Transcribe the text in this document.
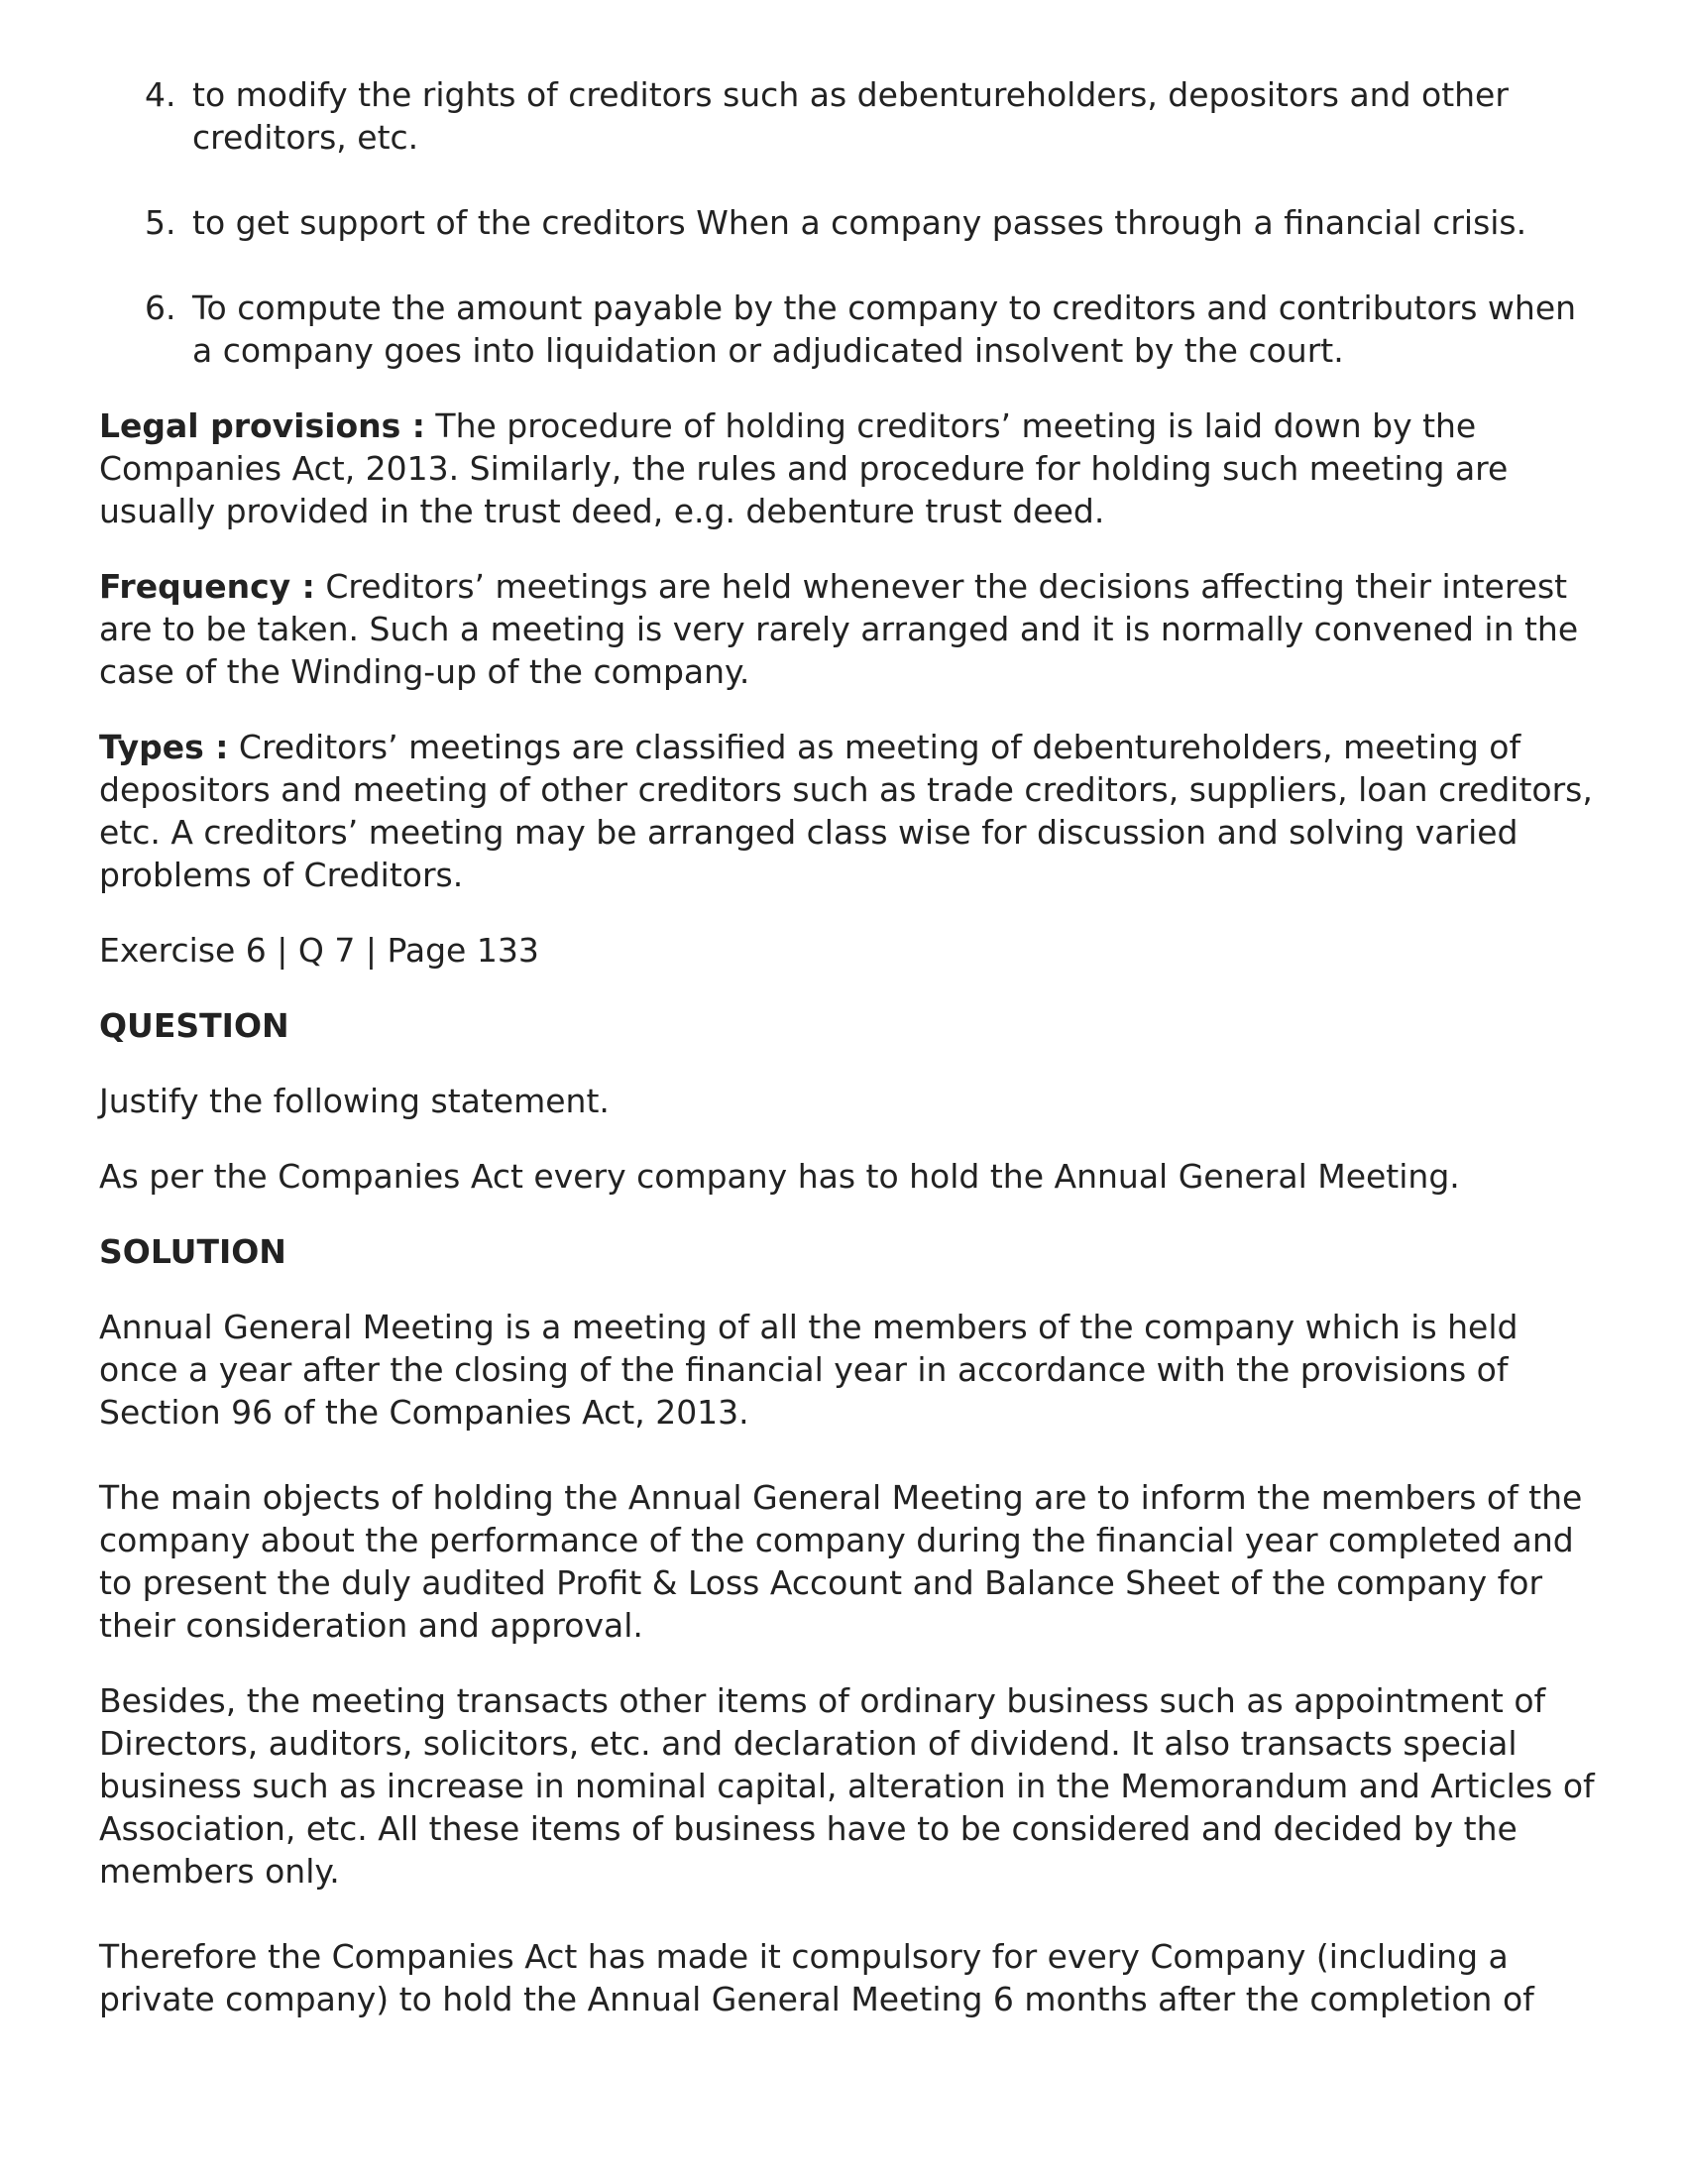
4. to modify the rights of creditors such as debentureholders, depositors and other creditors, etc.
5. to get support of the creditors When a company passes through a financial crisis.
6. To compute the amount payable by the company to creditors and contributors when a company goes into liquidation or adjudicated insolvent by the court.

Legal provisions : The procedure of holding creditors’ meeting is laid down by the Companies Act, 2013. Similarly, the rules and procedure for holding such meeting are usually provided in the trust deed, e.g. debenture trust deed.

Frequency : Creditors’ meetings are held whenever the decisions affecting their interest are to be taken. Such a meeting is very rarely arranged and it is normally convened in the case of the Winding-up of the company.

Types : Creditors’ meetings are classified as meeting of debentureholders, meeting of depositors and meeting of other creditors such as trade creditors, suppliers, loan creditors, etc. A creditors’ meeting may be arranged class wise for discussion and solving varied problems of Creditors.

Exercise 6 | Q 7 | Page 133

QUESTION

Justify the following statement.

As per the Companies Act every company has to hold the Annual General Meeting.

SOLUTION

Annual General Meeting is a meeting of all the members of the company which is held once a year after the closing of the financial year in accordance with the provisions of Section 96 of the Companies Act, 2013.

The main objects of holding the Annual General Meeting are to inform the members of the company about the performance of the company during the financial year completed and to present the duly audited Profit & Loss Account and Balance Sheet of the company for their consideration and approval.

Besides, the meeting transacts other items of ordinary business such as appointment of Directors, auditors, solicitors, etc. and declaration of dividend. It also transacts special business such as increase in nominal capital, alteration in the Memorandum and Articles of Association, etc. All these items of business have to be considered and decided by the members only.

Therefore the Companies Act has made it compulsory for every Company (including a private company) to hold the Annual General Meeting 6 months after the completion of
